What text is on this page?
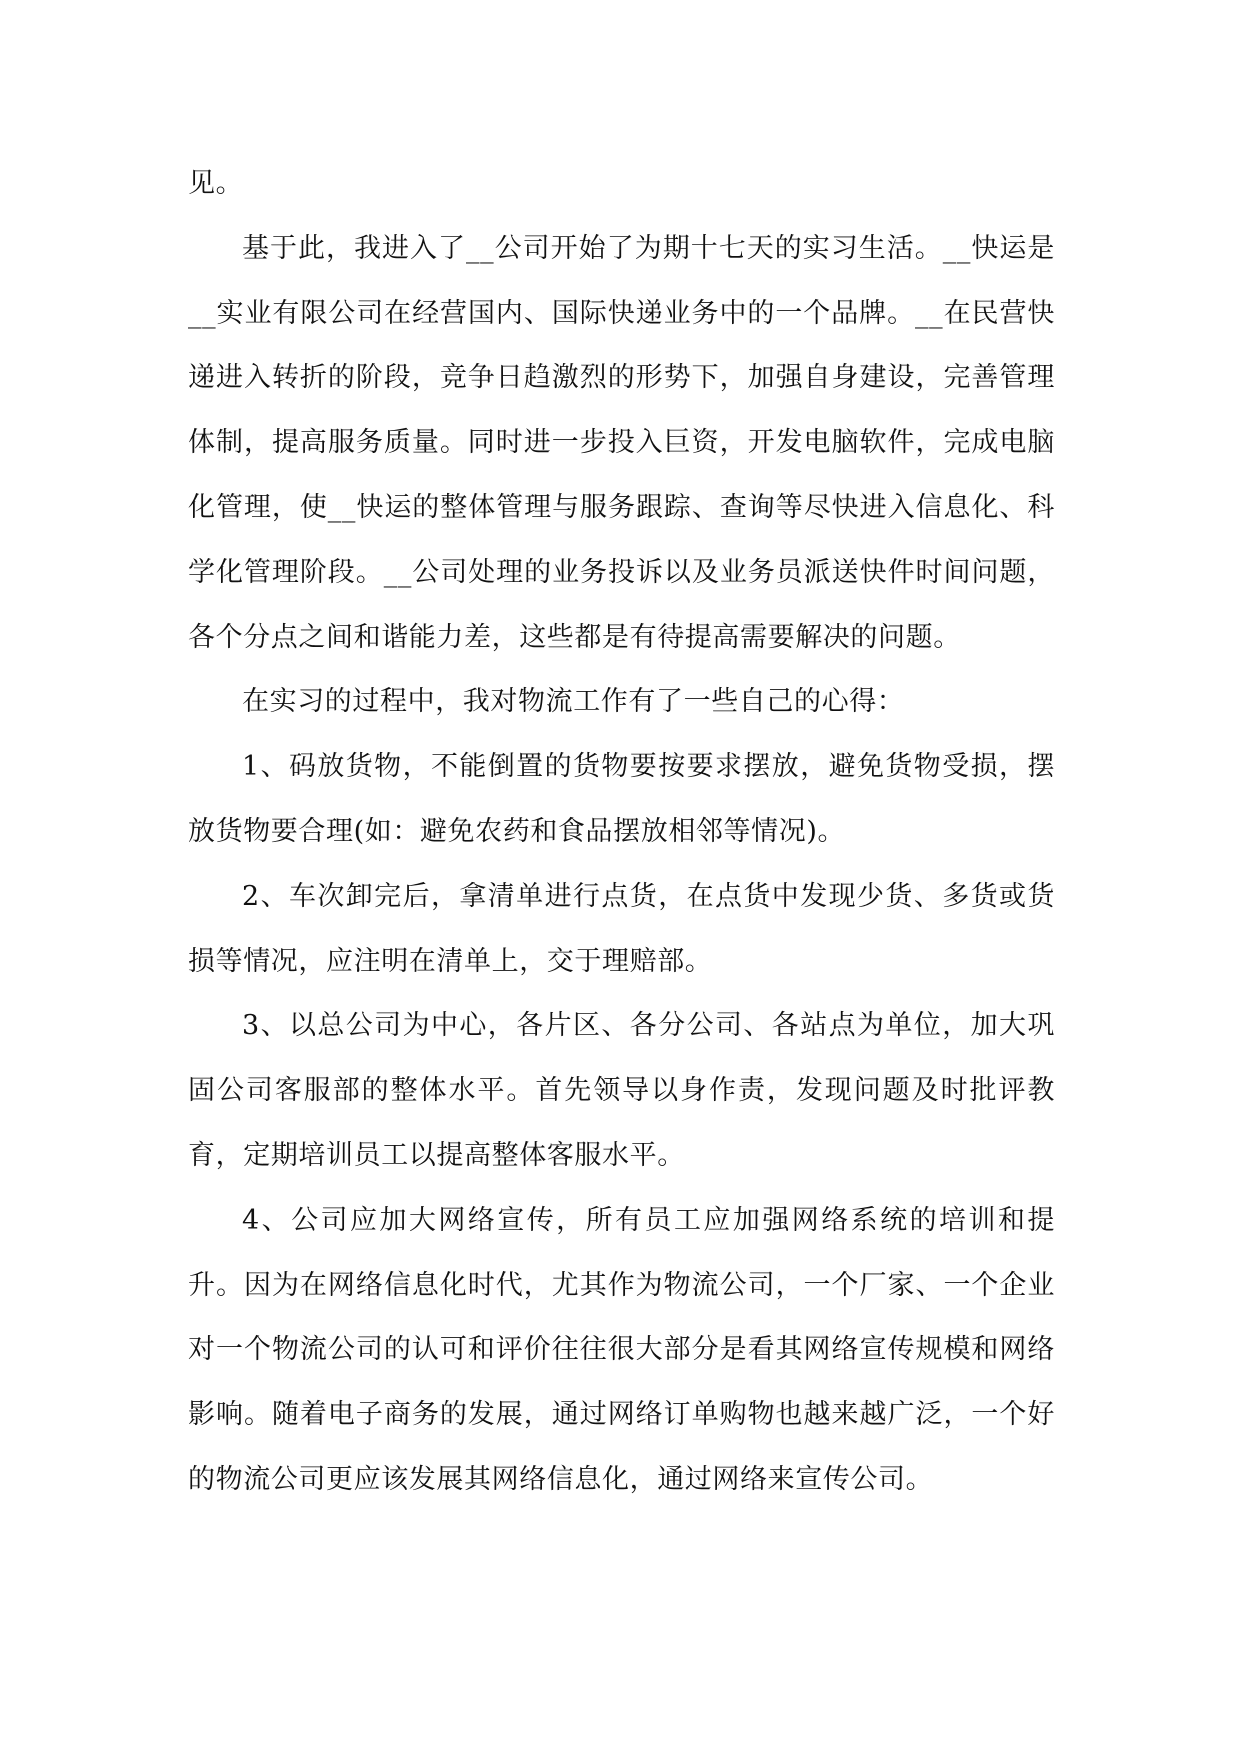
见。

基于此，我进入了__公司开始了为期十七天的实习生活。__快运是__实业有限公司在经营国内、国际快递业务中的一个品牌。__在民营快递进入转折的阶段，竞争日趋激烈的形势下，加强自身建设，完善管理体制，提高服务质量。同时进一步投入巨资，开发电脑软件，完成电脑化管理，使__快运的整体管理与服务跟踪、查询等尽快进入信息化、科学化管理阶段。__公司处理的业务投诉以及业务员派送快件时间问题，各个分点之间和谐能力差，这些都是有待提高需要解决的问题。

在实习的过程中，我对物流工作有了一些自己的心得：

1、码放货物，不能倒置的货物要按要求摆放，避免货物受损，摆放货物要合理(如：避免农药和食品摆放相邻等情况)。

2、车次卸完后，拿清单进行点货，在点货中发现少货、多货或货损等情况，应注明在清单上，交于理赔部。

3、以总公司为中心，各片区、各分公司、各站点为单位，加大巩固公司客服部的整体水平。首先领导以身作责，发现问题及时批评教育，定期培训员工以提高整体客服水平。

4、公司应加大网络宣传，所有员工应加强网络系统的培训和提升。因为在网络信息化时代，尤其作为物流公司，一个厂家、一个企业对一个物流公司的认可和评价往往很大部分是看其网络宣传规模和网络影响。随着电子商务的发展，通过网络订单购物也越来越广泛，一个好的物流公司更应该发展其网络信息化，通过网络来宣传公司。
